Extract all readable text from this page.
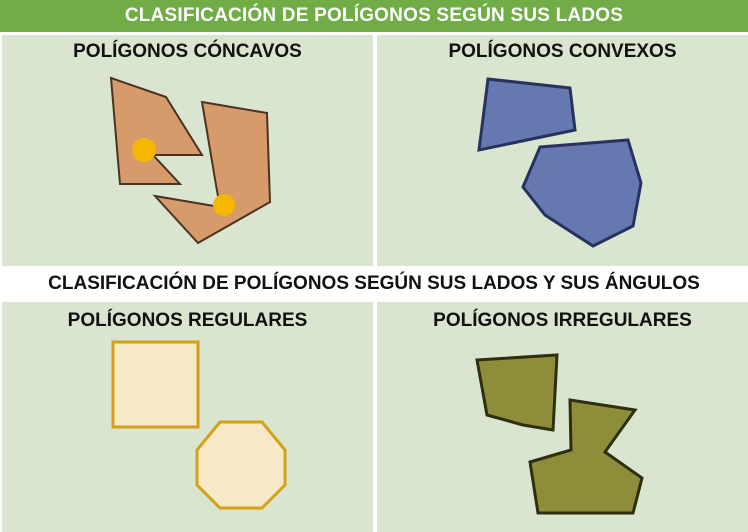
CLASIFICACIÓN DE POLÍGONOS SEGÚN SUS LADOS
POLÍGONOS CÓNCAVOS	POLÍGONOS CONVEXOS
CLASIFICACIÓN DE POLÍGONOS SEGÚN SUS LADOS Y SUS ÁNGULOS
POLÍGONOS REGULARES	POLÍGONOS IRREGULARES
